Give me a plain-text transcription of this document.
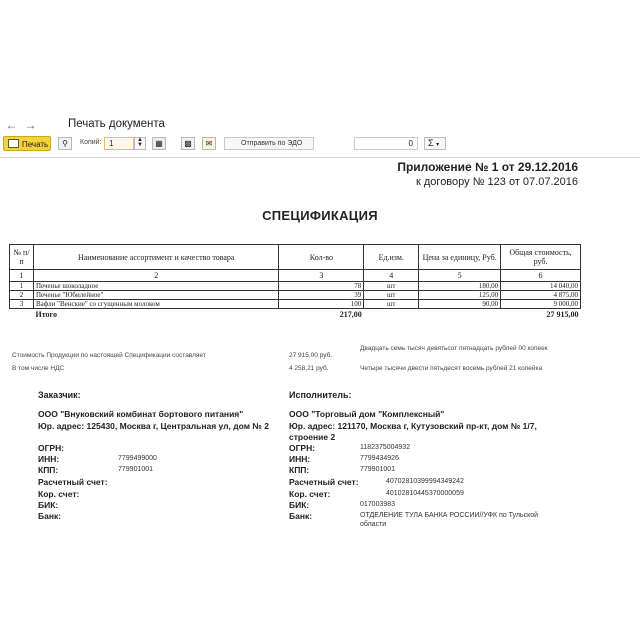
← →	Печать документа
Печать	⚲	Копий: 1	▲
▼	▦	▩	✉	Отправить по ЭДО	0	Σ ▾
Приложение № 1 от 29.12.2016
к договору № 123 от 07.07.2016
СПЕЦИФИКАЦИЯ
№ п/п	Наименование ассортимент и качество товара	Кол-во	Ед.изм.	Цена за единицу, Руб.	Общая стоимость, руб.
1	2	3	4	5	6
1	Печенье шоколадное	78	шт	180,00	14 040,00
2	Печенье "Юбилейное"	39	шт	125,00	4 875,00
3	Вафли "Венские" со сгущенным молоком	100	шт	90,00	9 000,00
	Итого	217,00			27 915,00
Стоимость Продукции по настоящей Спецификации составляет	27 915,00 руб.
Двадцать семь тысяч девятьсот пятнадцать рублей 00 копеек
В том числе НДС	4 258,21 руб.	Четыре тысячи двести пятьдесят восемь рублей 21 копейка
Заказчик:
ООО "Внуковский комбинат бортового питания"
Юр. адрес: 125430, Москва г, Центральная ул, дом № 2
ОГРН:
ИНН:	7799499000
КПП:	779901001
Расчетный счет:
Кор. счет:
БИК:
Банк:
Исполнитель:
ООО "Торговый дом "Комплексный"
Юр. адрес: 121170, Москва г, Кутузовский пр-кт, дом № 1/7,
строение 2
ОГРН:	1182375004932
ИНН:	7799434926
КПП:	779901001
Расчетный счет:	40702810399994349242
Кор. счет:	40102810445370000059
БИК:	017003983
Банк:	ОТДЕЛЕНИЕ ТУЛА БАНКА РОССИИ//УФК по Тульской
области
